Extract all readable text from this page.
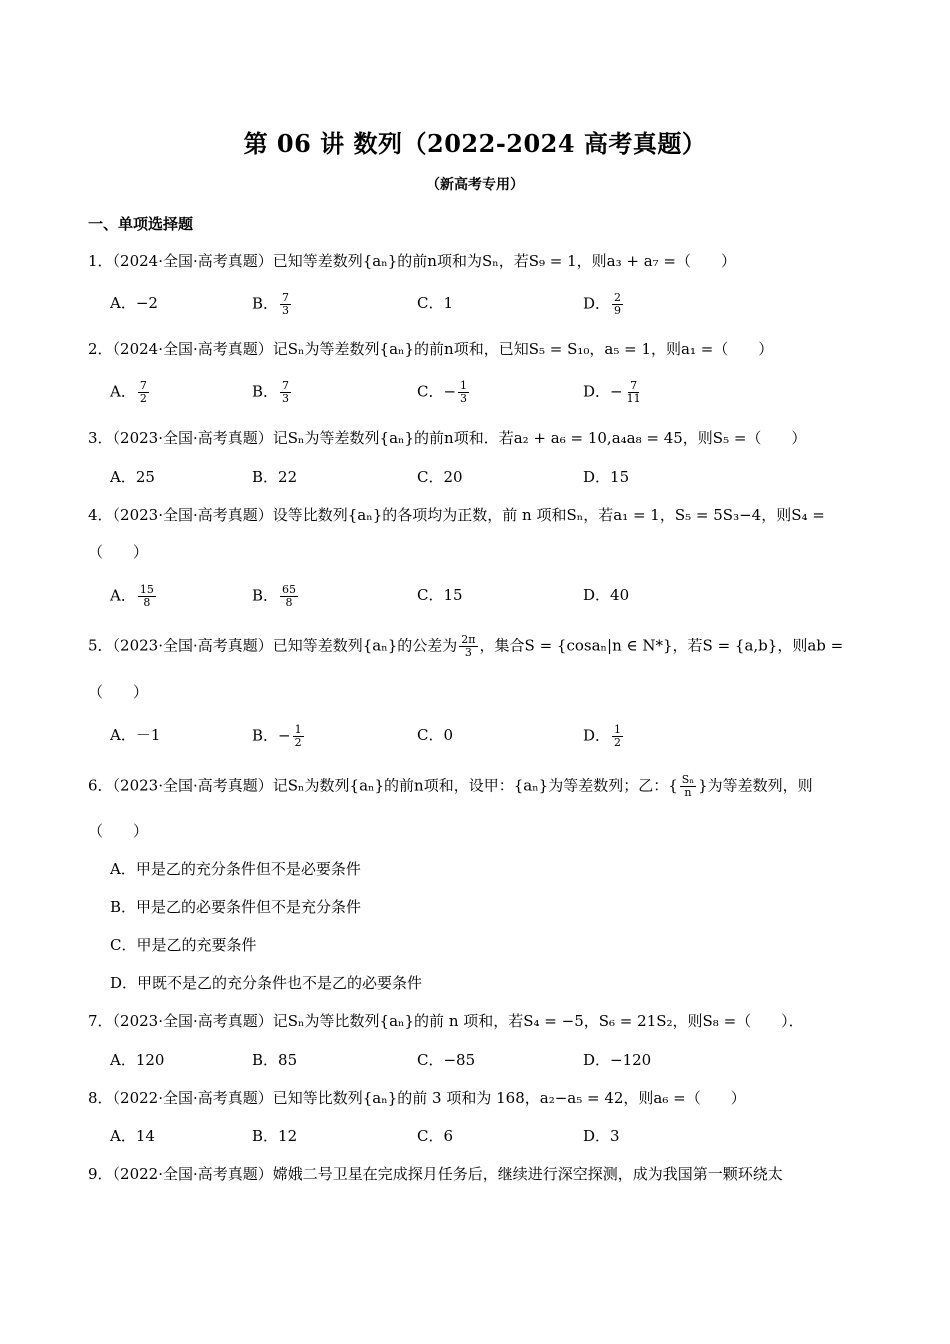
第 06 讲 数列（2022-2024 高考真题）
（新高考专用）
一、单项选择题
1．（2024·全国·高考真题）已知等差数列{aₙ}的前n项和为Sₙ，若S₉ = 1，则a₃ + a₇ =（　　）
A．−2	B． $\frac{7}{3}$	C．1	D． $\frac{2}{9}$
2．（2024·全国·高考真题）记Sₙ为等差数列{aₙ}的前n项和，已知S₅ = S₁₀，a₅ = 1，则a₁ =（　　）
A． $\frac{7}{2}$	B． $\frac{7}{3}$	C．− $\frac{1}{3}$	D．− $\frac{7}{11}$
3．（2023·全国·高考真题）记Sₙ为等差数列{aₙ}的前n项和．若a₂ + a₆ = 10,a₄a₈ = 45，则S₅ =（　　）
A．25	B．22	C．20	D．15
4．（2023·全国·高考真题）设等比数列{aₙ}的各项均为正数，前 n 项和Sₙ，若a₁ = 1，S₅ = 5S₃−4，则S₄ =
（　　）
A． $\frac{15}{8}$	B． $\frac{65}{8}$	C．15	D．40
5．（2023·全国·高考真题）已知等差数列{aₙ}的公差为 $\frac{2\pi}{3}$ ，集合S = {cosaₙ|n ∈ N*}，若S = {a,b}，则ab =
（　　）
A．－1	B．− $\frac{1}{2}$	C．0	D． $\frac{1}{2}$
6．（2023·全国·高考真题）记Sₙ为数列{aₙ}的前n项和，设甲：{aₙ}为等差数列；乙：{ $\frac{\text{Sₙ}}{n}$ }为等差数列，则
（　　）
A．甲是乙的充分条件但不是必要条件
B．甲是乙的必要条件但不是充分条件
C．甲是乙的充要条件
D．甲既不是乙的充分条件也不是乙的必要条件
7．（2023·全国·高考真题）记Sₙ为等比数列{aₙ}的前 n 项和，若S₄ = −5，S₆ = 21S₂，则S₈ =（　　）．
A．120	B．85	C．−85	D．−120
8．（2022·全国·高考真题）已知等比数列{aₙ}的前 3 项和为 168，a₂−a₅ = 42，则a₆ =（　　）
A．14	B．12	C．6	D．3
9．（2022·全国·高考真题）嫦娥二号卫星在完成探月任务后，继续进行深空探测，成为我国第一颗环绕太
